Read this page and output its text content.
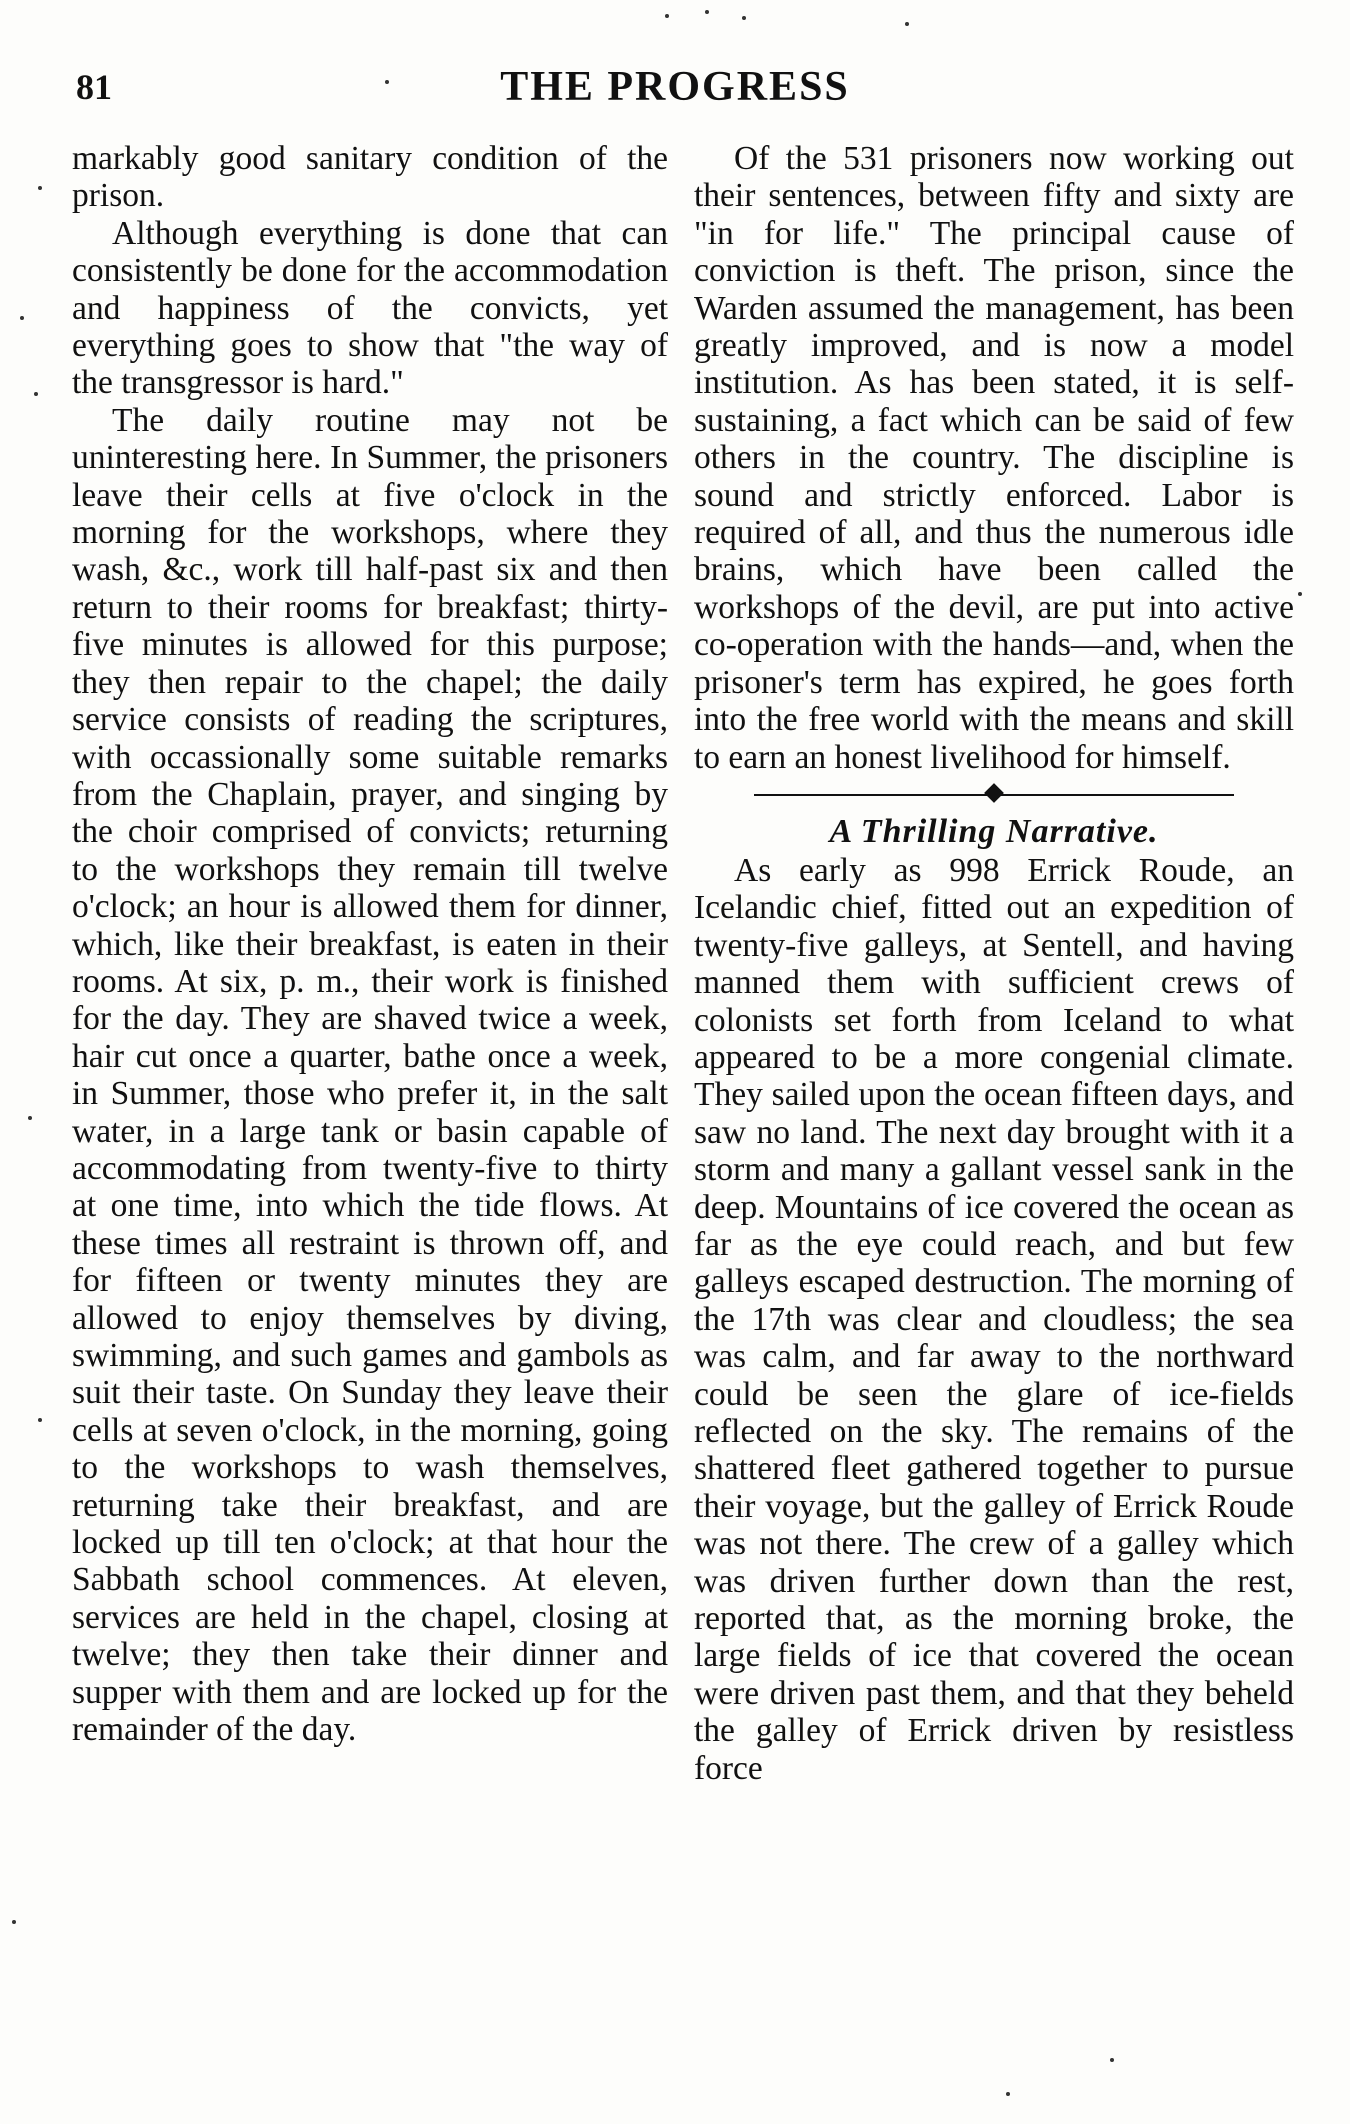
81	THE PROGRESS

markably good sanitary condition of the prison.

Although everything is done that can consistently be done for the accommodation and happiness of the convicts, yet everything goes to show that "the way of the transgressor is hard."

The daily routine may not be uninteresting here. In Summer, the prisoners leave their cells at five o'clock in the morning for the workshops, where they wash, &c., work till half-past six and then return to their rooms for breakfast; thirty-five minutes is allowed for this purpose; they then repair to the chapel; the daily service consists of reading the scriptures, with occassionally some suitable remarks from the Chaplain, prayer, and singing by the choir comprised of convicts; returning to the workshops they remain till twelve o'clock; an hour is allowed them for dinner, which, like their breakfast, is eaten in their rooms. At six, p. m., their work is finished for the day. They are shaved twice a week, hair cut once a quarter, bathe once a week, in Summer, those who prefer it, in the salt water, in a large tank or basin capable of accommodating from twenty-five to thirty at one time, into which the tide flows. At these times all restraint is thrown off, and for fifteen or twenty minutes they are allowed to enjoy themselves by diving, swimming, and such games and gambols as suit their taste. On Sunday they leave their cells at seven o'clock, in the morning, going to the workshops to wash themselves, returning take their breakfast, and are locked up till ten o'clock; at that hour the Sabbath school commences. At eleven, services are held in the chapel, closing at twelve; they then take their dinner and supper with them and are locked up for the remainder of the day.

Of the 531 prisoners now working out their sentences, between fifty and sixty are "in for life." The principal cause of conviction is theft. The prison, since the Warden assumed the management, has been greatly improved, and is now a model institution. As has been stated, it is self-sustaining, a fact which can be said of few others in the country. The discipline is sound and strictly enforced. Labor is required of all, and thus the numerous idle brains, which have been called the workshops of the devil, are put into active co-operation with the hands—and, when the prisoner's term has expired, he goes forth into the free world with the means and skill to earn an honest livelihood for himself.

A Thrilling Narrative.

As early as 998 Errick Roude, an Icelandic chief, fitted out an expedition of twenty-five galleys, at Sentell, and having manned them with sufficient crews of colonists set forth from Iceland to what appeared to be a more congenial climate. They sailed upon the ocean fifteen days, and saw no land. The next day brought with it a storm and many a gallant vessel sank in the deep. Mountains of ice covered the ocean as far as the eye could reach, and but few galleys escaped destruction. The morning of the 17th was clear and cloudless; the sea was calm, and far away to the northward could be seen the glare of ice-fields reflected on the sky. The remains of the shattered fleet gathered together to pursue their voyage, but the galley of Errick Roude was not there. The crew of a galley which was driven further down than the rest, reported that, as the morning broke, the large fields of ice that covered the ocean were driven past them, and that they beheld the galley of Errick driven by resistless force
